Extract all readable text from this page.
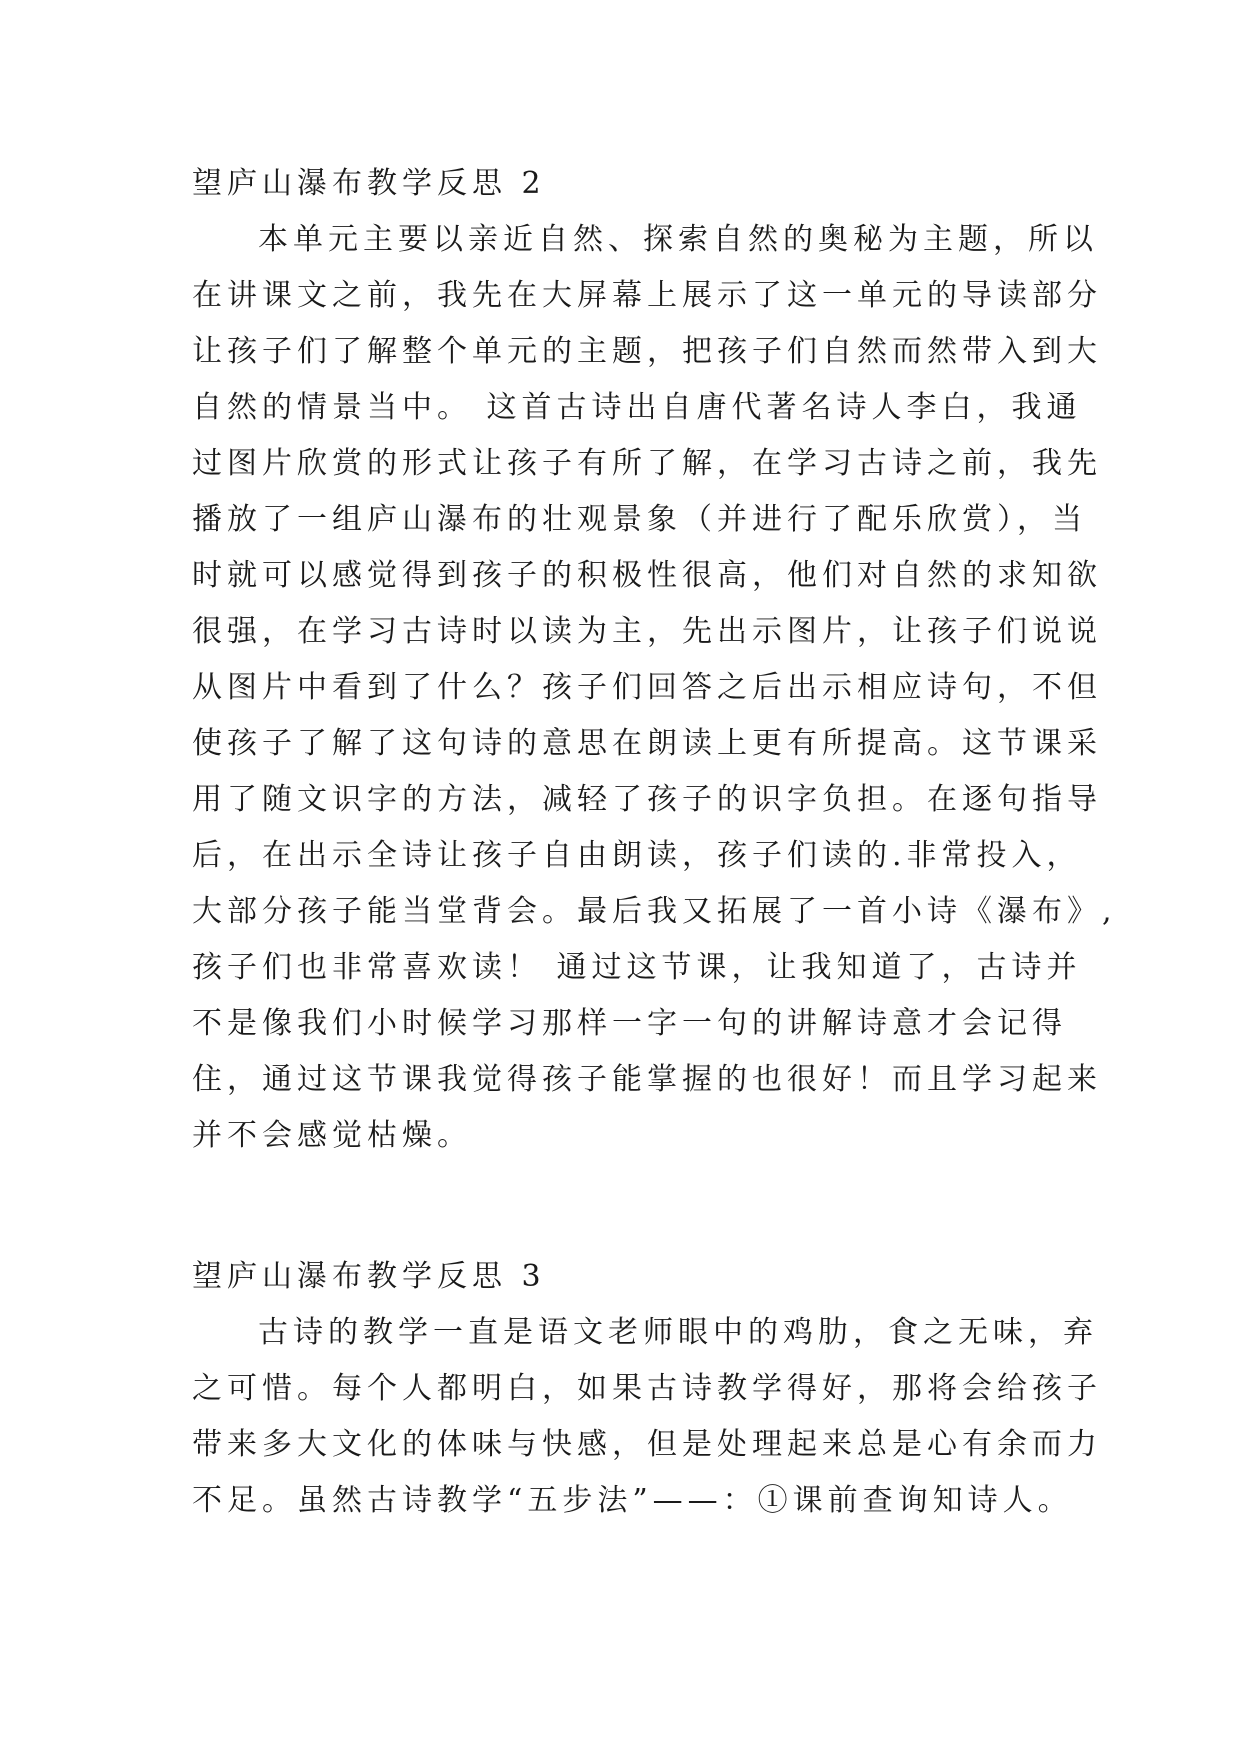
望庐山瀑布教学反思 2

本单元主要以亲近自然、探索自然的奥秘为主题，所以

在讲课文之前，我先在大屏幕上展示了这一单元的导读部分

让孩子们了解整个单元的主题，把孩子们自然而然带入到大

自然的情景当中。 这首古诗出自唐代著名诗人李白，我通

过图片欣赏的形式让孩子有所了解，在学习古诗之前，我先

播放了一组庐山瀑布的壮观景象（并进行了配乐欣赏），当

时就可以感觉得到孩子的积极性很高，他们对自然的求知欲

很强，在学习古诗时以读为主，先出示图片，让孩子们说说

从图片中看到了什么？孩子们回答之后出示相应诗句，不但

使孩子了解了这句诗的意思在朗读上更有所提高。这节课采

用了随文识字的方法，减轻了孩子的识字负担。在逐句指导

后，在出示全诗让孩子自由朗读，孩子们读的.非常投入，

大部分孩子能当堂背会。最后我又拓展了一首小诗《瀑布》,

孩子们也非常喜欢读！ 通过这节课，让我知道了，古诗并

不是像我们小时候学习那样一字一句的讲解诗意才会记得

住，通过这节课我觉得孩子能掌握的也很好！而且学习起来

并不会感觉枯燥。

望庐山瀑布教学反思 3

古诗的教学一直是语文老师眼中的鸡肋，食之无味，弃

之可惜。每个人都明白，如果古诗教学得好，那将会给孩子

带来多大文化的体味与快感，但是处理起来总是心有余而力

不足。虽然古诗教学“五步法”——：①课前查询知诗人。
